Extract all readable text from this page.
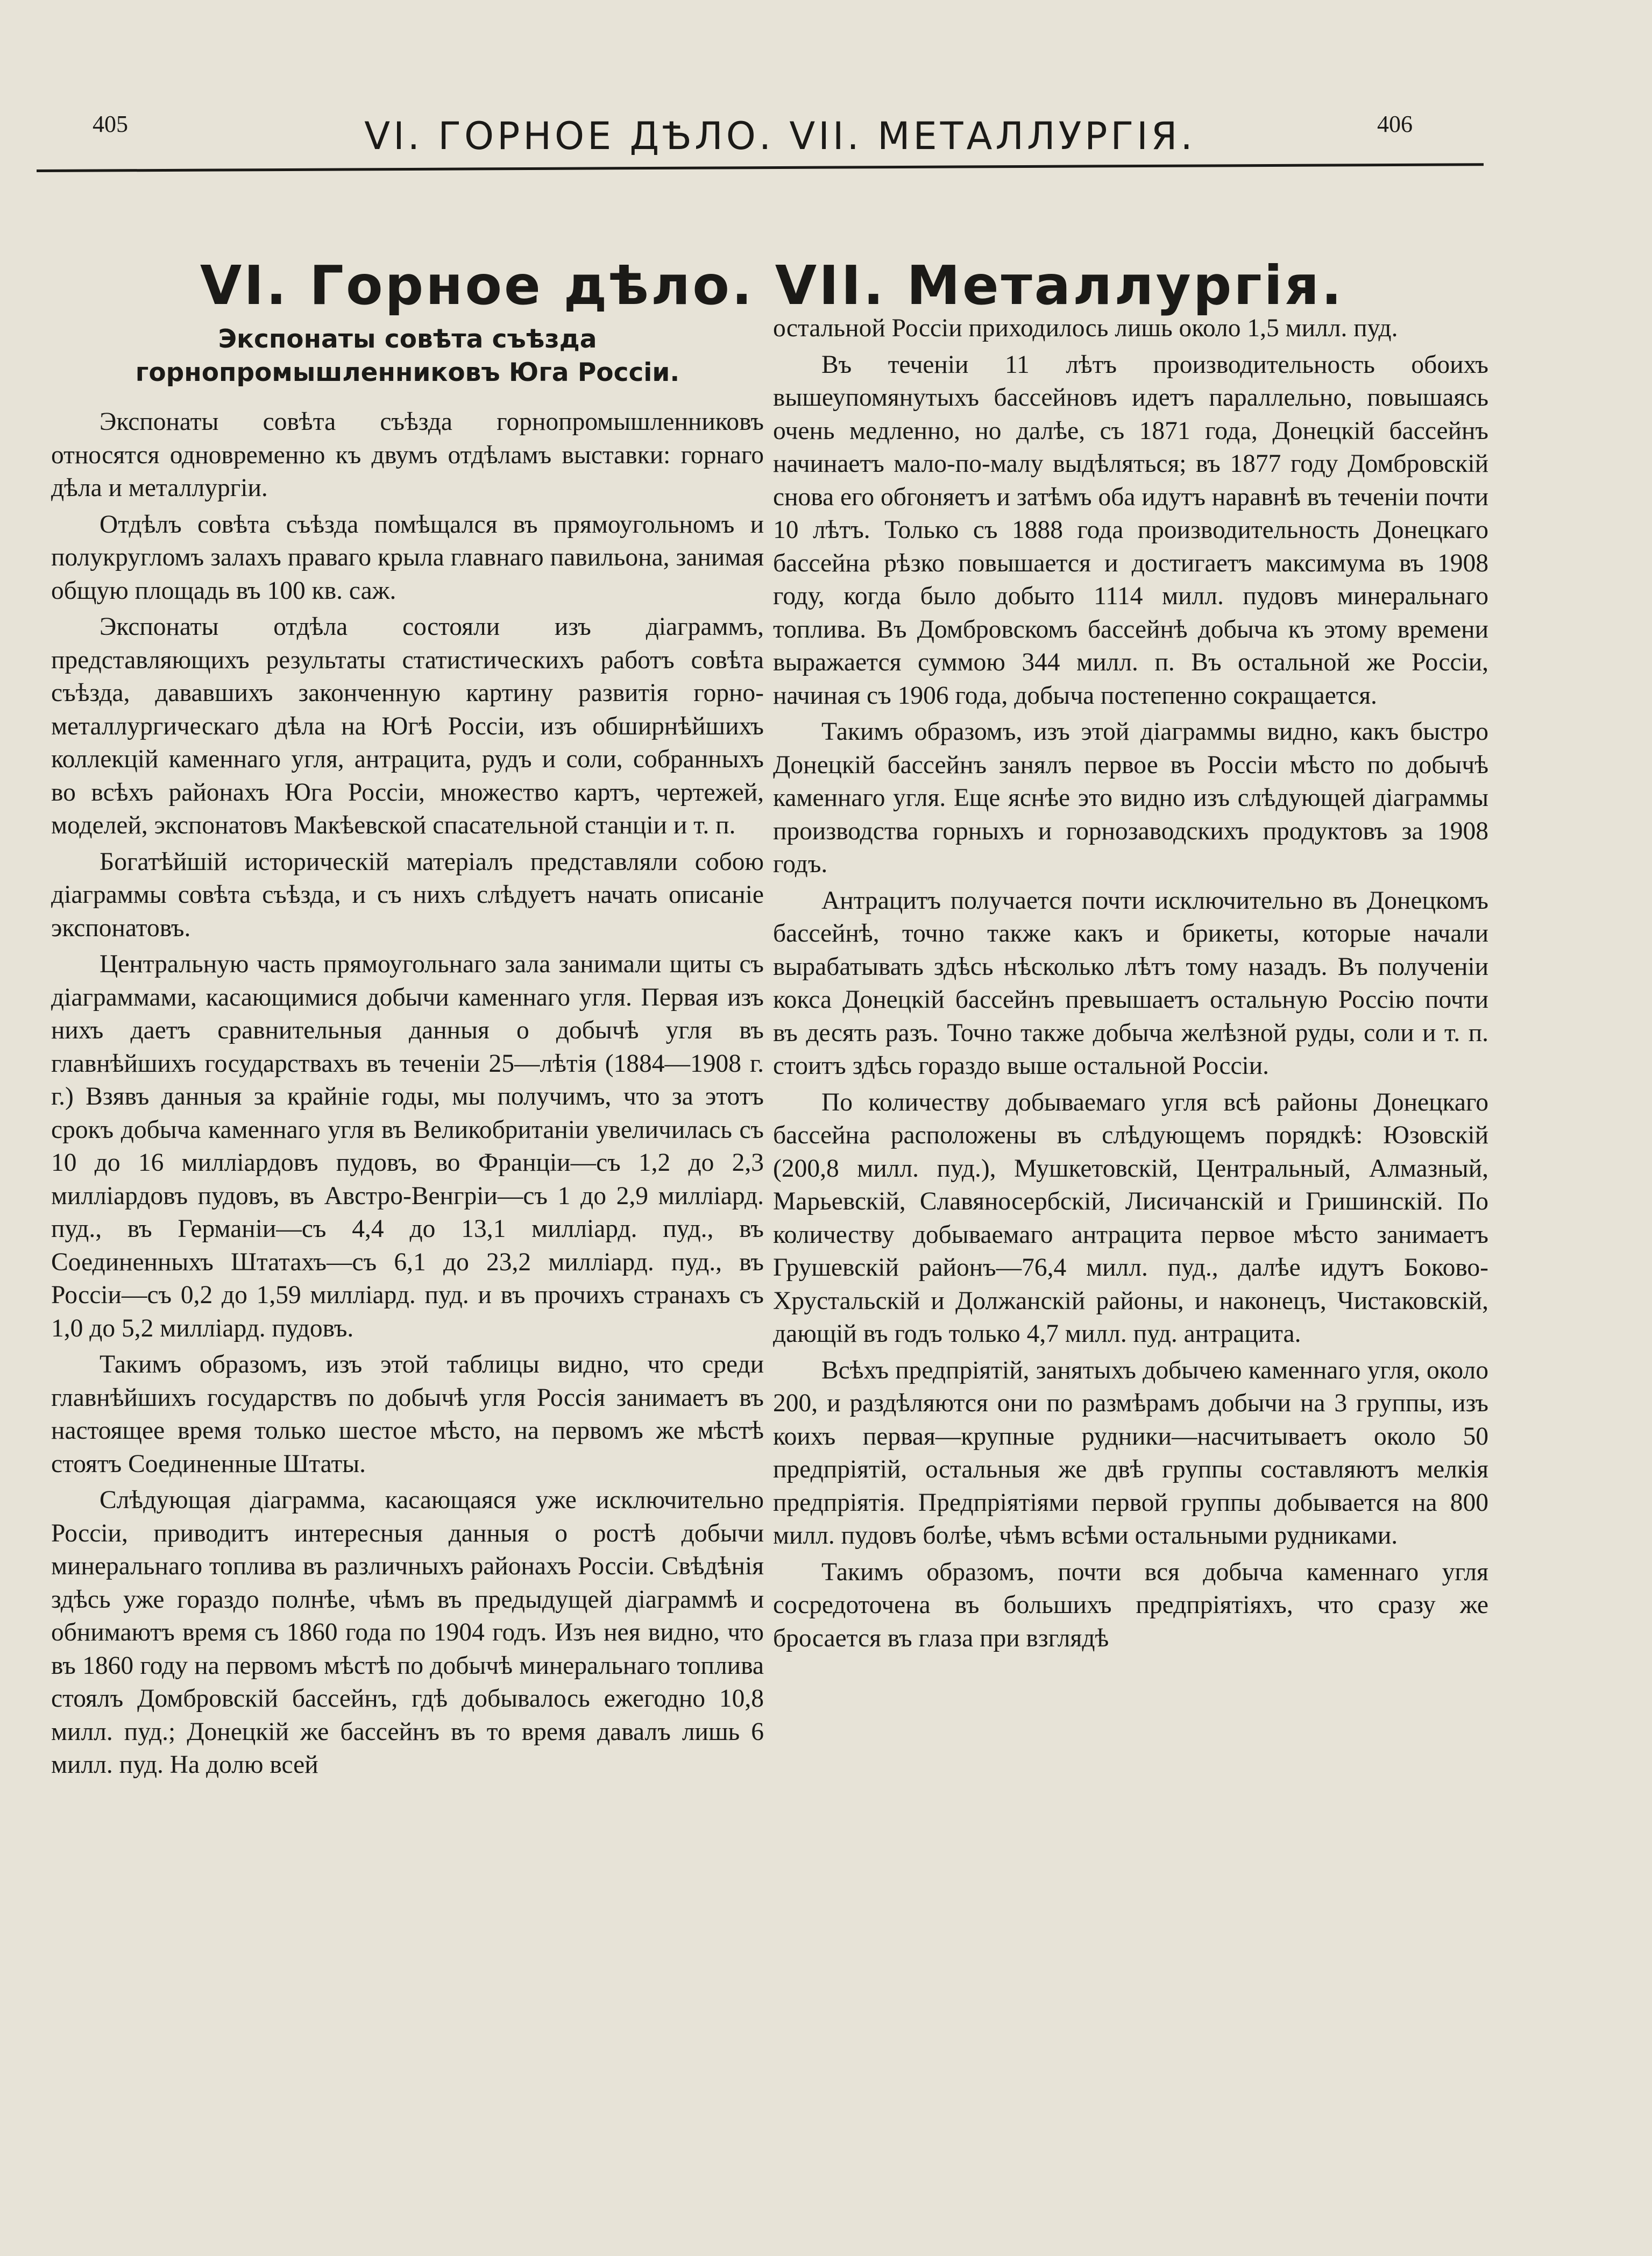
405	VI. ГОРНОЕ ДѢЛО. VII. МЕТАЛЛУРГІЯ.	406
VI. Горное дѣло. VII. Металлургія.
Экспонаты совѣта съѣзда горнопромышленниковъ Юга Россіи.

Экспонаты совѣта съѣзда горнопромышленниковъ относятся одновременно къ двумъ отдѣламъ выставки: горнаго дѣла и металлургіи.

Отдѣлъ совѣта съѣзда помѣщался въ прямоугольномъ и полукругломъ залахъ праваго крыла главнаго павильона, занимая общую площадь въ 100 кв. саж.

Экспонаты отдѣла состояли изъ діаграммъ, представляющихъ результаты статистическихъ работъ совѣта съѣзда, дававшихъ законченную картину развитія горно-металлургическаго дѣла на Югѣ Россіи, изъ обширнѣйшихъ коллекцій каменнаго угля, антрацита, рудъ и соли, собранныхъ во всѣхъ районахъ Юга Россіи, множество картъ, чертежей, моделей, экспонатовъ Макѣевской спасательной станціи и т. п.

Богатѣйшій историческій матеріалъ представляли собою діаграммы совѣта съѣзда, и съ нихъ слѣдуетъ начать описаніе экспонатовъ.

Центральную часть прямоугольнаго зала занимали щиты съ діаграммами, касающимися добычи каменнаго угля. Первая изъ нихъ даетъ сравнительныя данныя о добычѣ угля въ главнѣйшихъ государствахъ въ теченіи 25—лѣтія (1884—1908 г. г.) Взявъ данныя за крайніе годы, мы получимъ, что за этотъ срокъ добыча каменнаго угля въ Великобританіи увеличилась съ 10 до 16 миллiардовъ пудовъ, во Франціи—съ 1,2 до 2,3 миллiардовъ пудовъ, въ Австро-Венгріи—съ 1 до 2,9 миллiард. пуд., въ Германіи—съ 4,4 до 13,1 миллiард. пуд., въ Соединенныхъ Штатахъ—съ 6,1 до 23,2 миллiард. пуд., въ Россіи—съ 0,2 до 1,59 миллiард. пуд. и въ прочихъ странахъ съ 1,0 до 5,2 миллiард. пудовъ.

Такимъ образомъ, изъ этой таблицы видно, что среди главнѣйшихъ государствъ по добычѣ угля Россія занимаетъ въ настоящее время только шестое мѣсто, на первомъ же мѣстѣ стоятъ Соединенные Штаты.

Слѣдующая діаграмма, касающаяся уже исключительно Россіи, приводитъ интересныя данныя о ростѣ добычи минеральнаго топлива въ различныхъ районахъ Россіи. Свѣдѣнія здѣсь уже гораздо полнѣе, чѣмъ въ предыдущей діаграммѣ и обнимаютъ время съ 1860 года по 1904 годъ. Изъ нея видно, что въ 1860 году на первомъ мѣстѣ по добычѣ минеральнаго топлива стоялъ Домбровскій бассейнъ, гдѣ добывалось ежегодно 10,8 милл. пуд.; Донецкій же бассейнъ въ то время давалъ лишь 6 милл. пуд. На долю всей

остальной Россіи приходилось лишь около 1,5 милл. пуд.

Въ теченіи 11 лѣтъ производительность обоихъ вышеупомянутыхъ бассейновъ идетъ параллельно, повышаясь очень медленно, но далѣе, съ 1871 года, Донецкій бассейнъ начинаетъ мало-по-малу выдѣляться; въ 1877 году Домбровскій снова его обгоняетъ и затѣмъ оба идутъ наравнѣ въ теченіи почти 10 лѣтъ. Только съ 1888 года производительность Донецкаго бассейна рѣзко повышается и достигаетъ максимума въ 1908 году, когда было добыто 1114 милл. пудовъ минеральнаго топлива. Въ Домбровскомъ бассейнѣ добыча къ этому времени выражается суммою 344 милл. п. Въ остальной же Россіи, начиная съ 1906 года, добыча постепенно сокращается.

Такимъ образомъ, изъ этой діаграммы видно, какъ быстро Донецкій бассейнъ занялъ первое въ Россіи мѣсто по добычѣ каменнаго угля. Еще яснѣе это видно изъ слѣдующей діаграммы производства горныхъ и горнозаводскихъ продуктовъ за 1908 годъ.

Антрацитъ получается почти исключительно въ Донецкомъ бассейнѣ, точно также какъ и брикеты, которые начали вырабатывать здѣсь нѣсколько лѣтъ тому назадъ. Въ полученіи кокса Донецкій бассейнъ превышаетъ остальную Россію почти въ десять разъ. Точно также добыча желѣзной руды, соли и т. п. стоитъ здѣсь гораздо выше остальной Россіи.

По количеству добываемаго угля всѣ районы Донецкаго бассейна расположены въ слѣдующемъ порядкѣ: Юзовскій (200,8 милл. пуд.), Мушкетовскій, Центральный, Алмазный, Марьевскій, Славяносербскій, Лисичанскій и Гришинскій. По количеству добываемаго антрацита первое мѣсто занимаетъ Грушевскій районъ—76,4 милл. пуд., далѣе идутъ Боково-Хрустальскій и Должанскій районы, и наконецъ, Чистаковскій, дающій въ годъ только 4,7 милл. пуд. антрацита.

Всѣхъ предпріятій, занятыхъ добычею каменнаго угля, около 200, и раздѣляются они по размѣрамъ добычи на 3 группы, изъ коихъ первая—крупные рудники—насчитываетъ около 50 предпріятій, остальныя же двѣ группы составляютъ мелкія предпріятія. Предпріятіями первой группы добывается на 800 милл. пудовъ болѣе, чѣмъ всѣми остальными рудниками.

Такимъ образомъ, почти вся добыча каменнаго угля сосредоточена въ большихъ предпріятіяхъ, что сразу же бросается въ глаза при взглядѣ
